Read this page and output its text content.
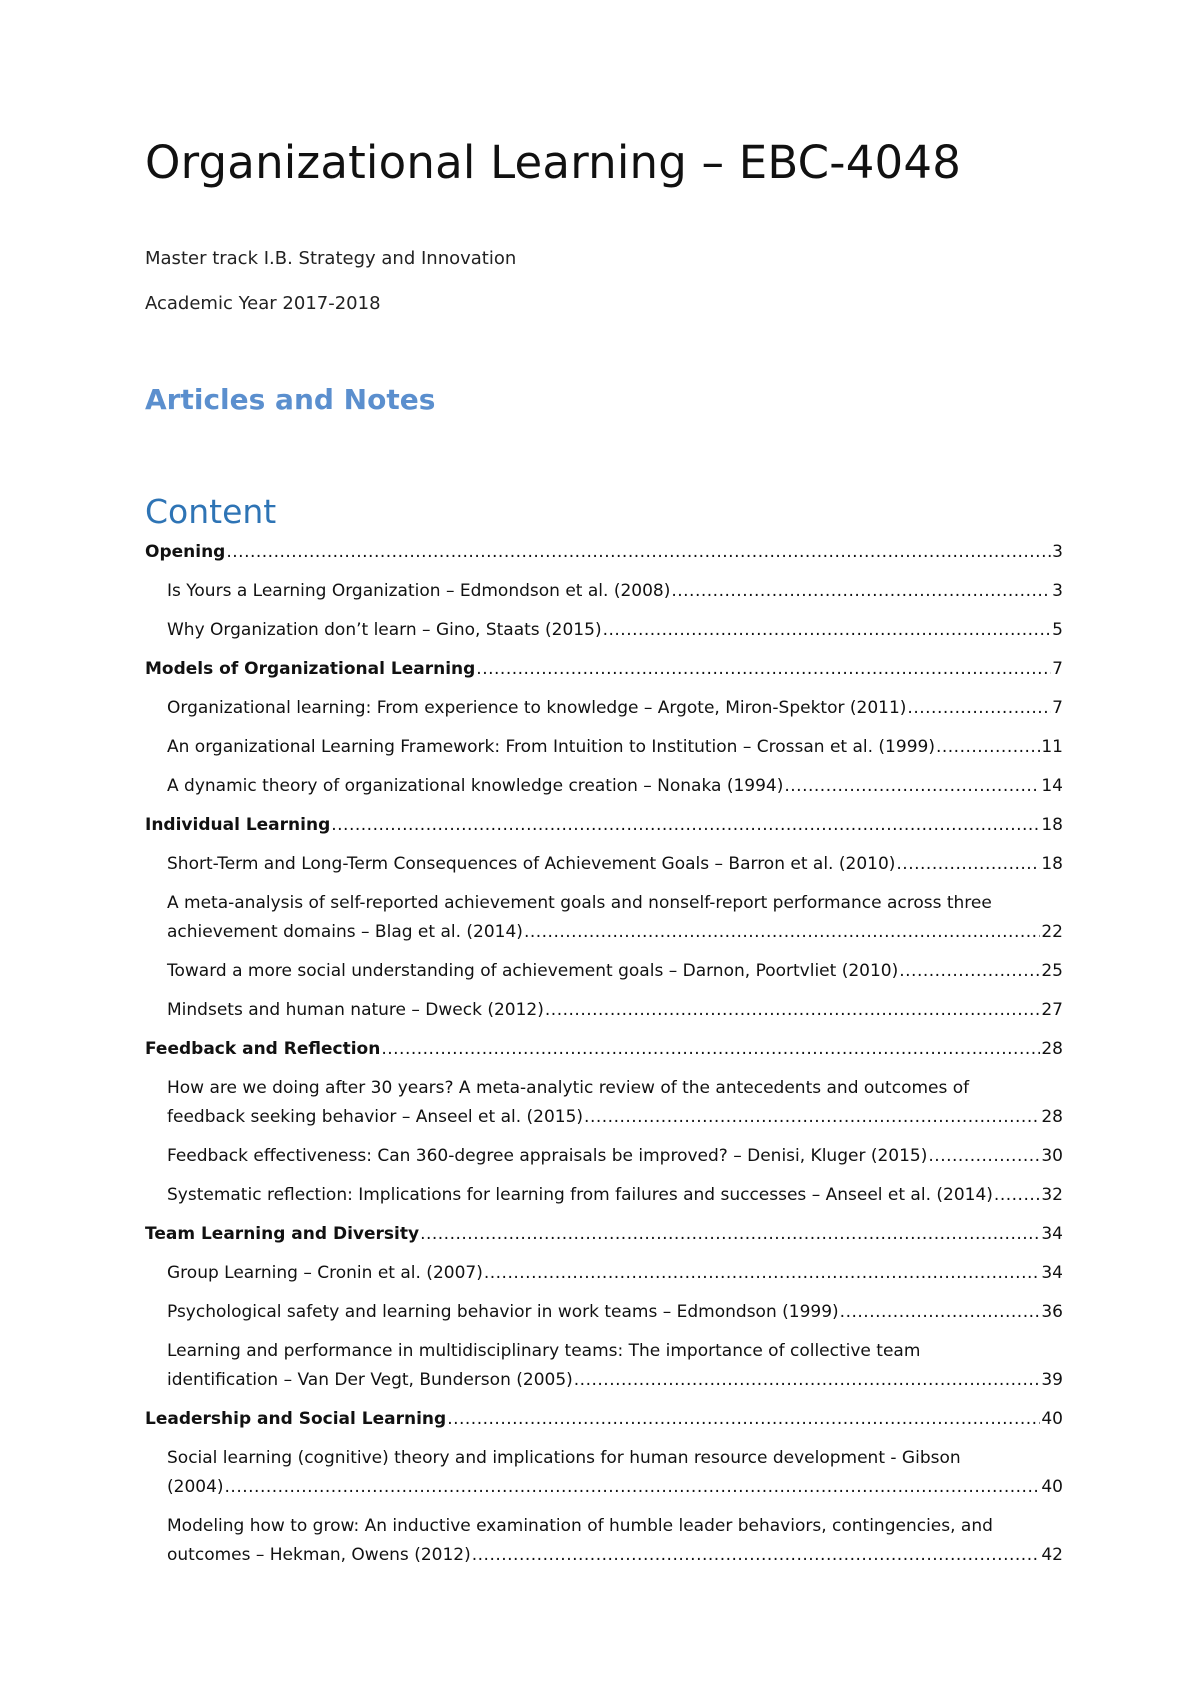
Organizational Learning – EBC-4048
Master track I.B. Strategy and Innovation
Academic Year 2017-2018
Articles and Notes
Content
Opening .....	3
Is Yours a Learning Organization – Edmondson et al. (2008) .....	3
Why Organization don’t learn – Gino, Staats (2015) .....	5
Models of Organizational Learning .....	7
Organizational learning: From experience to knowledge – Argote, Miron-Spektor (2011) .....	7
An organizational Learning Framework: From Intuition to Institution – Crossan et al. (1999) .....	11
A dynamic theory of organizational knowledge creation – Nonaka (1994) .....	14
Individual Learning .....	18
Short-Term and Long-Term Consequences of Achievement Goals – Barron et al. (2010) .....	18
A meta-analysis of self-reported achievement goals and nonself-report performance across three
achievement domains – Blag et al. (2014) .....	22
Toward a more social understanding of achievement goals – Darnon, Poortvliet (2010) .....	25
Mindsets and human nature – Dweck (2012) .....	27
Feedback and Reflection .....	28
How are we doing after 30 years? A meta-analytic review of the antecedents and outcomes of
feedback seeking behavior – Anseel et al. (2015) .....	28
Feedback effectiveness: Can 360-degree appraisals be improved? – Denisi, Kluger (2015) .....	30
Systematic reflection: Implications for learning from failures and successes – Anseel et al. (2014) .....	32
Team Learning and Diversity .....	34
Group Learning – Cronin et al. (2007) .....	34
Psychological safety and learning behavior in work teams – Edmondson (1999) .....	36
Learning and performance in multidisciplinary teams: The importance of collective team
identification – Van Der Vegt, Bunderson (2005) .....	39
Leadership and Social Learning .....	40
Social learning (cognitive) theory and implications for human resource development - Gibson
(2004) .....	40
Modeling how to grow: An inductive examination of humble leader behaviors, contingencies, and
outcomes – Hekman, Owens (2012) .....	42
